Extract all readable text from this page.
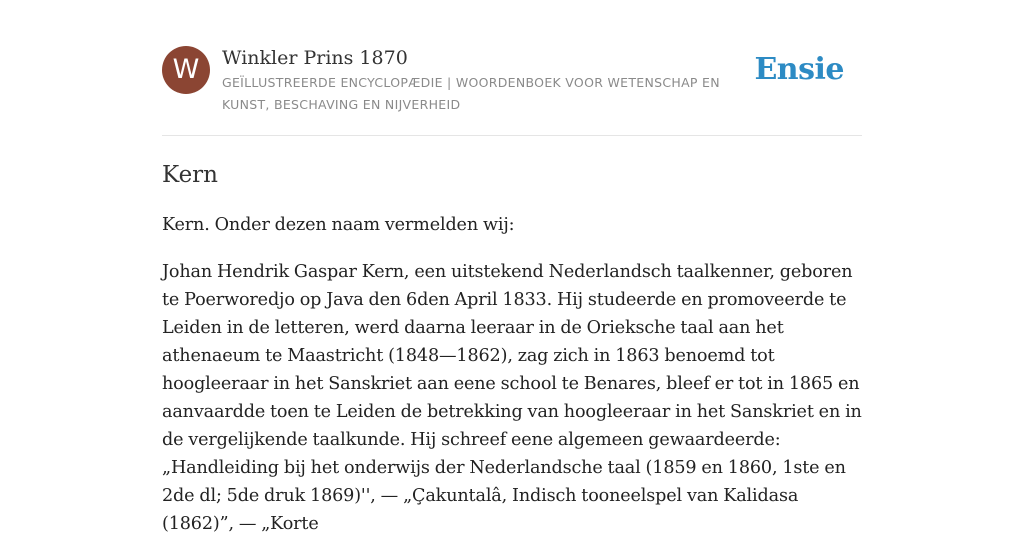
W	Winkler Prins 1870
GEÏLLUSTREERDE ENCYCLOPÆDIE | WOORDENBOEK VOOR WETENSCHAP EN KUNST, BESCHAVING EN NIJVERHEID
Ensie
Kern

Kern. Onder dezen naam vermelden wij:

Johan Hendrik Gaspar Kern, een uitstekend Nederlandsch taalkenner, geboren te Poerworedjo op Java den 6den April 1833. Hij studeerde en promoveerde te Leiden in de letteren, werd daarna leeraar in de Orieksche taal aan het athenaeum te Maastricht (1848—1862), zag zich in 1863 benoemd tot hoogleeraar in het Sanskriet aan eene school te Benares, bleef er tot in 1865 en aanvaardde toen te Leiden de betrekking van hoogleeraar in het Sanskriet en in de vergelijkende taalkunde. Hij schreef eene algemeen gewaardeerde: „Handleiding bij het onderwijs der Nederlandsche taal (1859 en 1860, 1ste en 2de dl; 5de druk 1869)'', — „Çakuntalâ, Indisch tooneelspel van Kalidasa (1862)”, — „Korte
